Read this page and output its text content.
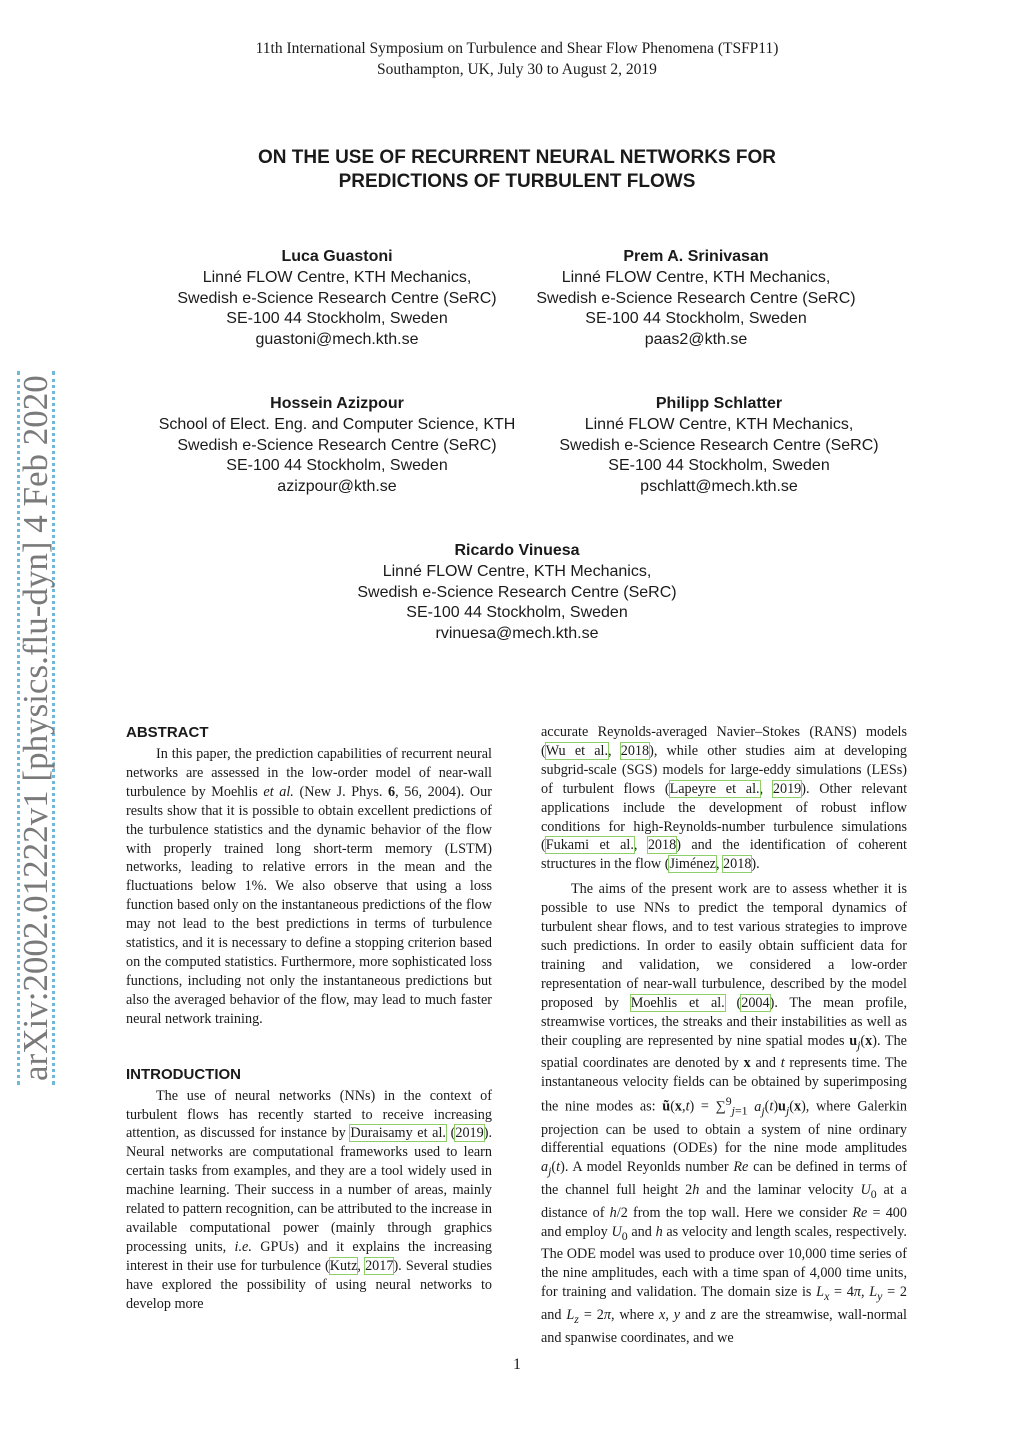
11th International Symposium on Turbulence and Shear Flow Phenomena (TSFP11)
Southampton, UK, July 30 to August 2, 2019
ON THE USE OF RECURRENT NEURAL NETWORKS FOR
PREDICTIONS OF TURBULENT FLOWS
Luca Guastoni
Linné FLOW Centre, KTH Mechanics,
Swedish e-Science Research Centre (SeRC)
SE-100 44 Stockholm, Sweden
guastoni@mech.kth.se
Prem A. Srinivasan
Linné FLOW Centre, KTH Mechanics,
Swedish e-Science Research Centre (SeRC)
SE-100 44 Stockholm, Sweden
paas2@kth.se
Hossein Azizpour
School of Elect. Eng. and Computer Science, KTH
Swedish e-Science Research Centre (SeRC)
SE-100 44 Stockholm, Sweden
azizpour@kth.se
Philipp Schlatter
Linné FLOW Centre, KTH Mechanics,
Swedish e-Science Research Centre (SeRC)
SE-100 44 Stockholm, Sweden
pschlatt@mech.kth.se
Ricardo Vinuesa
Linné FLOW Centre, KTH Mechanics,
Swedish e-Science Research Centre (SeRC)
SE-100 44 Stockholm, Sweden
rvinuesa@mech.kth.se
arXiv:2002.01222v1 [physics.flu-dyn] 4 Feb 2020	ABSTRACT

In this paper, the prediction capabilities of recurrent neural networks are assessed in the low-order model of near-wall turbulence by Moehlis et al. (New J. Phys. 6, 56, 2004). Our results show that it is possible to obtain excellent predictions of the turbulence statistics and the dynamic behavior of the flow with properly trained long short-term memory (LSTM) networks, leading to relative errors in the mean and the fluctuations below 1%. We also observe that using a loss function based only on the instantaneous predictions of the flow may not lead to the best predictions in terms of turbulence statistics, and it is necessary to define a stopping criterion based on the computed statistics. Furthermore, more sophisticated loss functions, including not only the instantaneous predictions but also the averaged behavior of the flow, may lead to much faster neural network training.

INTRODUCTION

The use of neural networks (NNs) in the context of turbulent flows has recently started to receive increasing attention, as discussed for instance by Duraisamy et al. (2019). Neural networks are computational frameworks used to learn certain tasks from examples, and they are a tool widely used in machine learning. Their success in a number of areas, mainly related to pattern recognition, can be attributed to the increase in available computational power (mainly through graphics processing units, i.e. GPUs) and it explains the increasing interest in their use for turbulence (Kutz, 2017). Several studies have explored the possibility of using neural networks to develop more

accurate Reynolds-averaged Navier–Stokes (RANS) models (Wu et al., 2018), while other studies aim at developing subgrid-scale (SGS) models for large-eddy simulations (LESs) of turbulent flows (Lapeyre et al., 2019). Other relevant applications include the development of robust inflow conditions for high-Reynolds-number turbulence simulations (Fukami et al., 2018) and the identification of coherent structures in the flow (Jiménez, 2018).

The aims of the present work are to assess whether it is possible to use NNs to predict the temporal dynamics of turbulent shear flows, and to test various strategies to improve such predictions. In order to easily obtain sufficient data for training and validation, we considered a low-order representation of near-wall turbulence, described by the model proposed by Moehlis et al. (2004). The mean profile, streamwise vortices, the streaks and their instabilities as well as their coupling are represented by nine spatial modes $u_j(x)$. The spatial coordinates are denoted by x and t represents time. The instantaneous velocity fields can be obtained by superimposing the nine modes as: ũ(x,t) = ∑$^9_{j=1}$ $a_j(t)u_j(x)$, where Galerkin projection can be used to obtain a system of nine ordinary differential equations (ODEs) for the nine mode amplitudes $a_j(t)$. A model Reyonlds number Re can be defined in terms of the channel full height 2h and the laminar velocity $U_0$ at a distance of h/2 from the top wall. Here we consider Re = 400 and employ $U_0$ and h as velocity and length scales, respectively. The ODE model was used to produce over 10,000 time series of the nine amplitudes, each with a time span of 4,000 time units, for training and validation. The domain size is $L_x = 4\pi$, $L_y = 2$ and $L_z = 2\pi$, where x, y and z are the streamwise, wall-normal and spanwise coordinates, and we

1
